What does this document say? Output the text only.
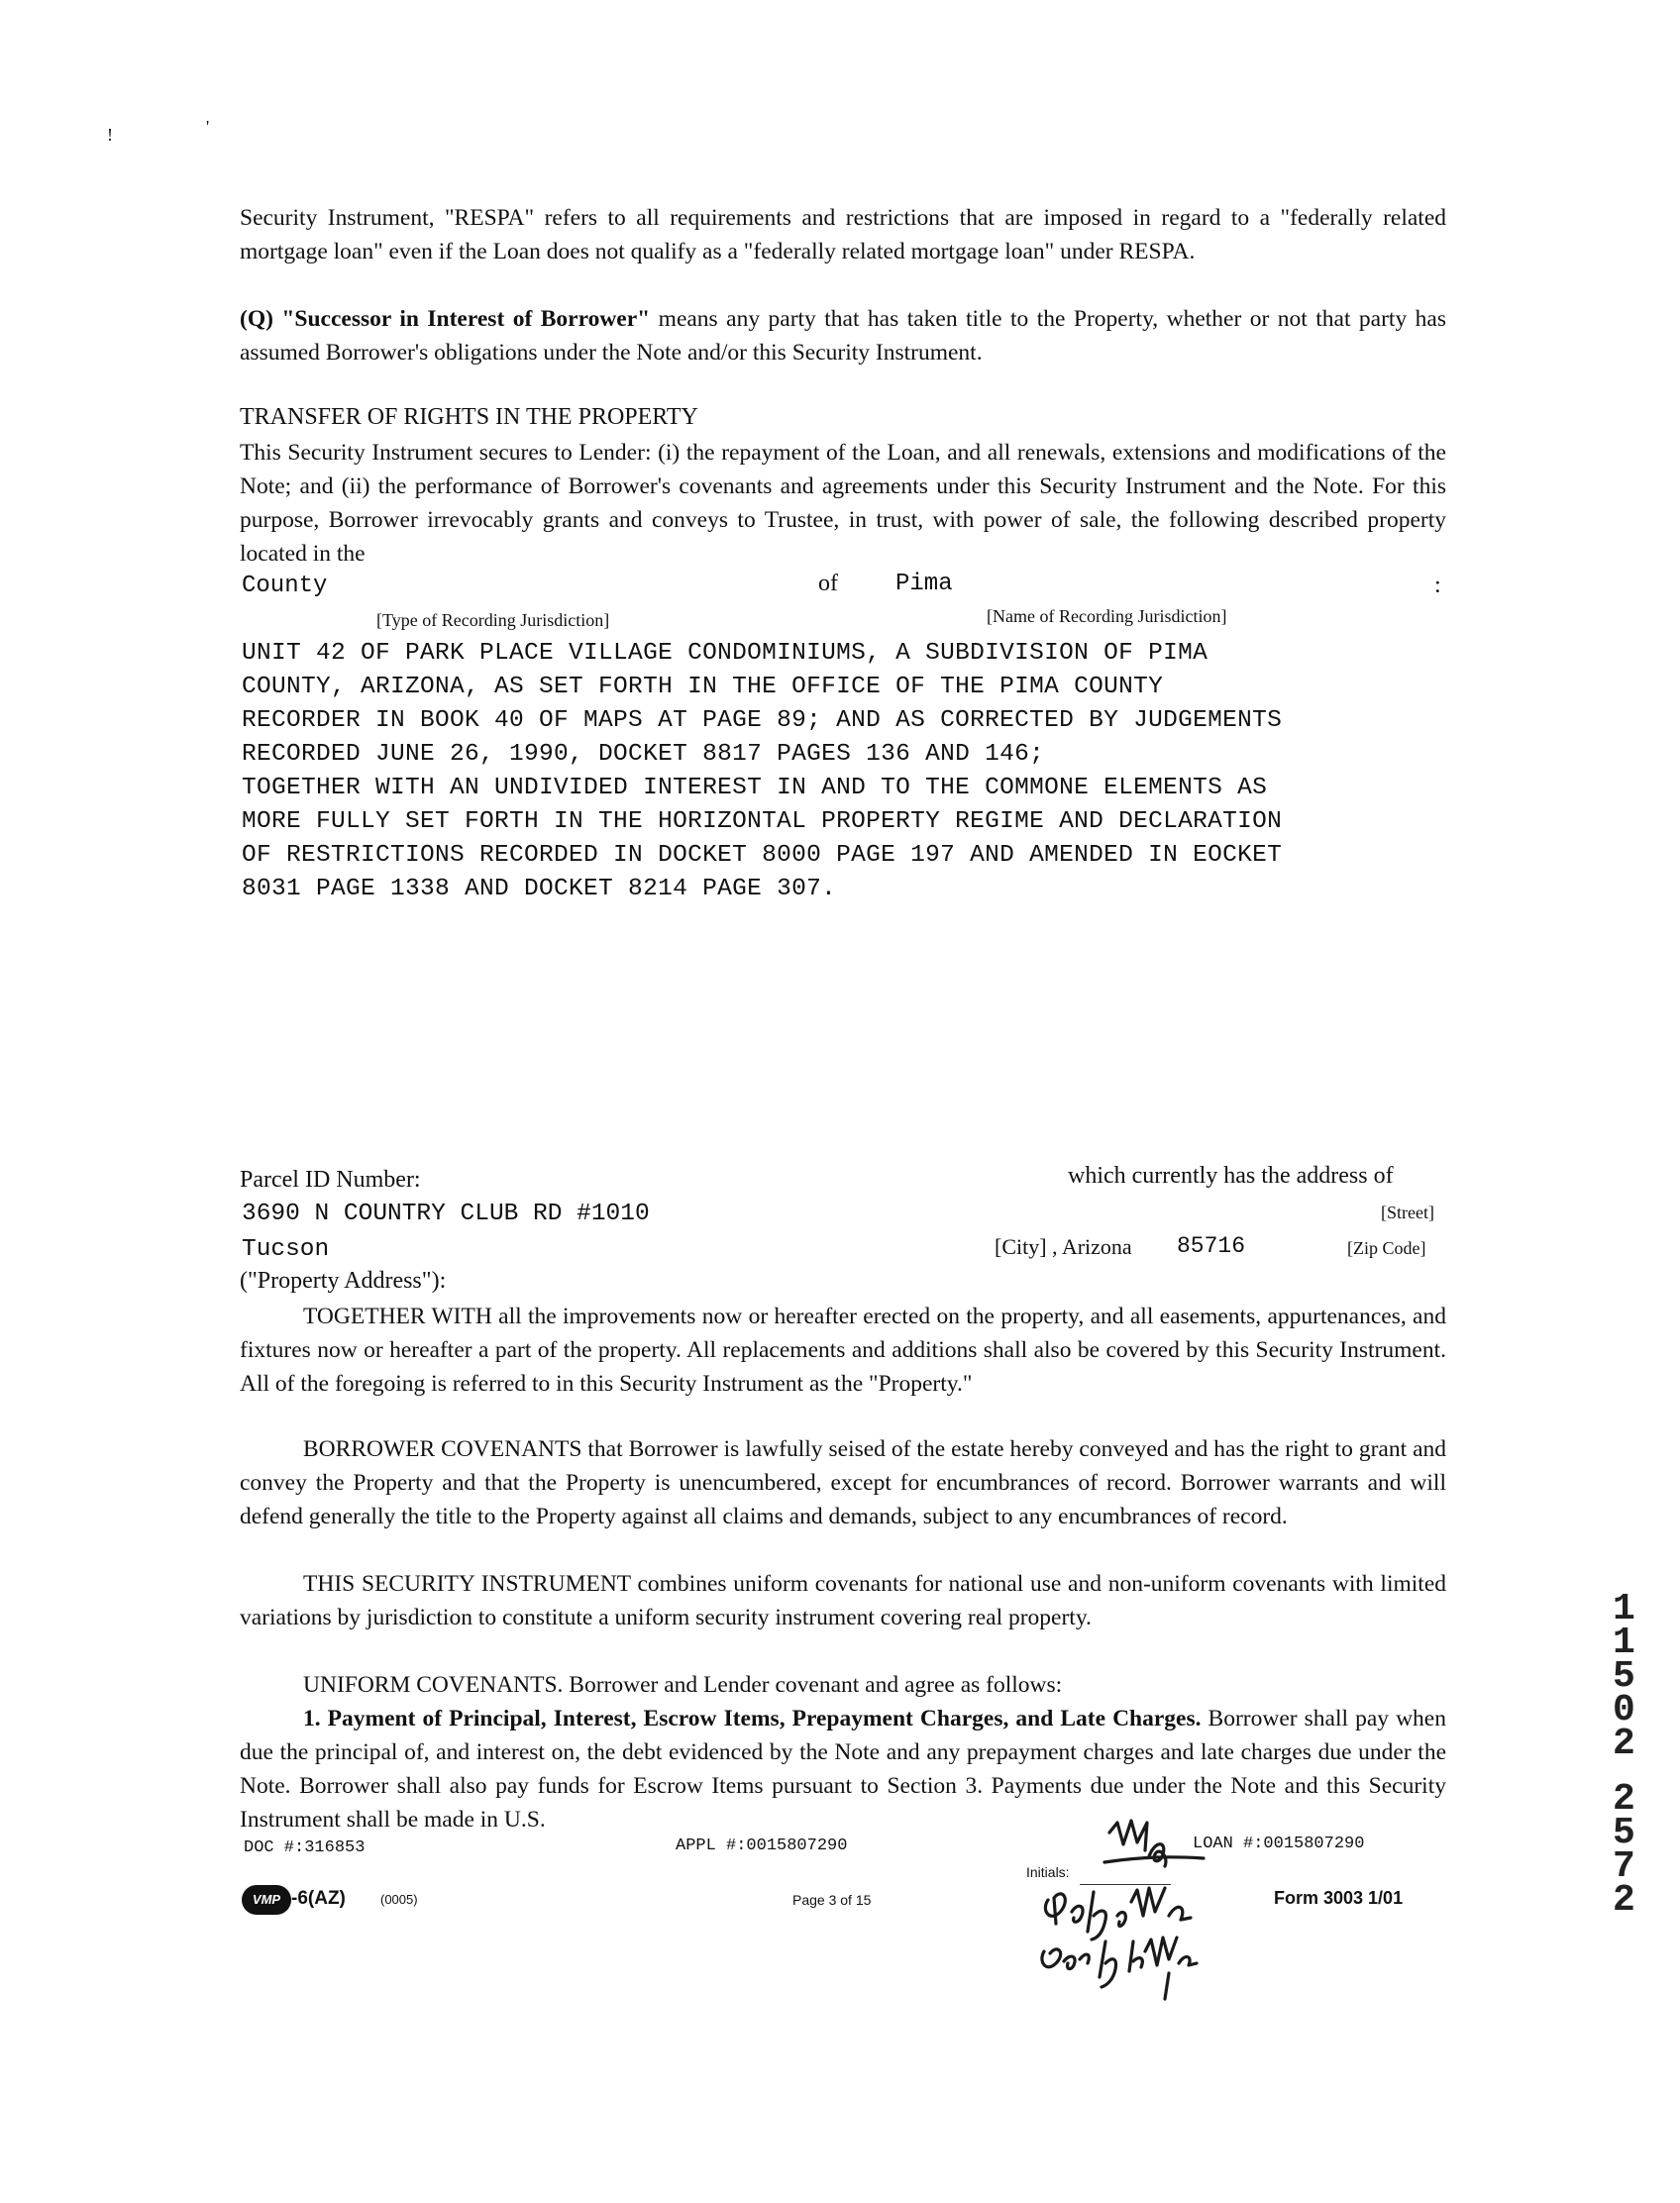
!	'
Security Instrument, "RESPA" refers to all requirements and restrictions that are imposed in regard to a "federally related mortgage loan" even if the Loan does not qualify as a "federally related mortgage loan" under RESPA.
(Q) "Successor in Interest of Borrower" means any party that has taken title to the Property, whether or not that party has assumed Borrower's obligations under the Note and/or this Security Instrument.
TRANSFER OF RIGHTS IN THE PROPERTY
This Security Instrument secures to Lender: (i) the repayment of the Loan, and all renewals, extensions and modifications of the Note; and (ii) the performance of Borrower's covenants and agreements under this Security Instrument and the Note. For this purpose, Borrower irrevocably grants and conveys to Trustee, in trust, with power of sale, the following described property located in the
County	of Pima	:
[Type of Recording Jurisdiction]	[Name of Recording Jurisdiction]
UNIT 42 OF PARK PLACE VILLAGE CONDOMINIUMS, A SUBDIVISION OF PIMA
COUNTY, ARIZONA, AS SET FORTH IN THE OFFICE OF THE PIMA COUNTY
RECORDER IN BOOK 40 OF MAPS AT PAGE 89; AND AS CORRECTED BY JUDGEMENTS
RECORDED JUNE 26, 1990, DOCKET 8817 PAGES 136 AND 146;
TOGETHER WITH AN UNDIVIDED INTEREST IN AND TO THE COMMONE ELEMENTS AS
MORE FULLY SET FORTH IN THE HORIZONTAL PROPERTY REGIME AND DECLARATION
OF RESTRICTIONS RECORDED IN DOCKET 8000 PAGE 197 AND AMENDED IN EOCKET
8031 PAGE 1338 AND DOCKET 8214 PAGE 307.
Parcel ID Number:	which currently has the address of
3690 N COUNTRY CLUB RD #1010	[Street]
Tucson	[City] , Arizona 85716	[Zip Code]
("Property Address"):
TOGETHER WITH all the improvements now or hereafter erected on the property, and all easements, appurtenances, and fixtures now or hereafter a part of the property. All replacements and additions shall also be covered by this Security Instrument. All of the foregoing is referred to in this Security Instrument as the "Property."
BORROWER COVENANTS that Borrower is lawfully seised of the estate hereby conveyed and has the right to grant and convey the Property and that the Property is unencumbered, except for encumbrances of record. Borrower warrants and will defend generally the title to the Property against all claims and demands, subject to any encumbrances of record.
THIS SECURITY INSTRUMENT combines uniform covenants for national use and non-uniform covenants with limited variations by jurisdiction to constitute a uniform security instrument covering real property.
UNIFORM COVENANTS. Borrower and Lender covenant and agree as follows:
1. Payment of Principal, Interest, Escrow Items, Prepayment Charges, and Late Charges. Borrower shall pay when due the principal of, and interest on, the debt evidenced by the Note and any prepayment charges and late charges due under the Note. Borrower shall also pay funds for Escrow Items pursuant to Section 3. Payments due under the Note and this Security Instrument shall be made in U.S.
DOC #:316853	APPL #:0015807290	LOAN #:0015807290
Initials:
VMP -6(AZ)	(0005)	Page 3 of 15	Form 3003 1/01
1
1
5
0
2
2
5
7
2
